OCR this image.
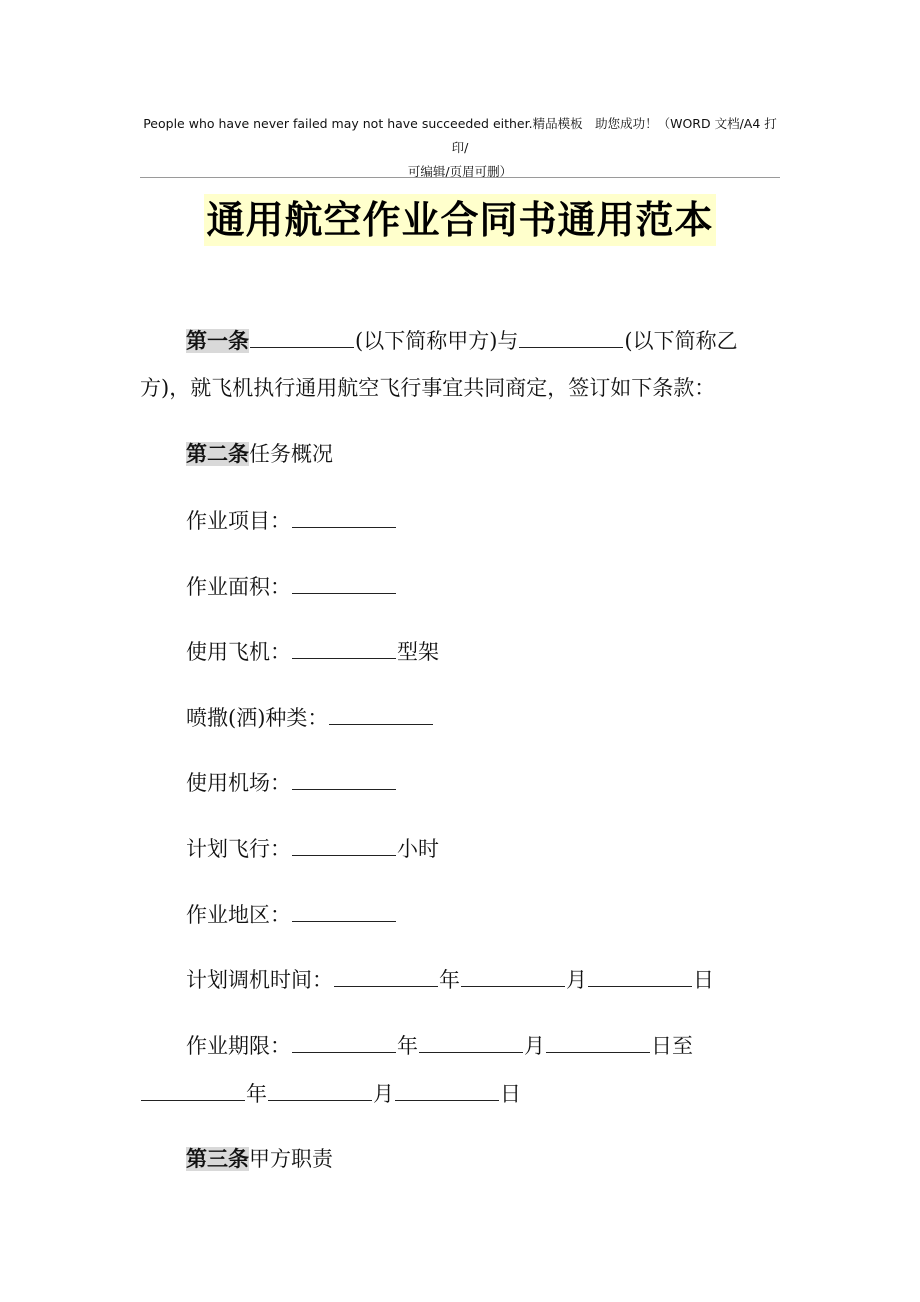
People who have never failed may not have succeeded either.精品模板　助您成功！（WORD 文档/A4 打印/
可编辑/页眉可删）
通用航空作业合同书通用范本
第一条	(以下简称甲方)与	(以下简称乙
方)，就飞机执行通用航空飞行事宜共同商定，签订如下条款：
第二条任务概况
作业项目：
作业面积：
使用飞机：	型架
喷撒(洒)种类：
使用机场：
计划飞行：	小时
作业地区：
计划调机时间：	年	月	日
作业期限：	年	月	日至
年	月	日
第三条甲方职责
